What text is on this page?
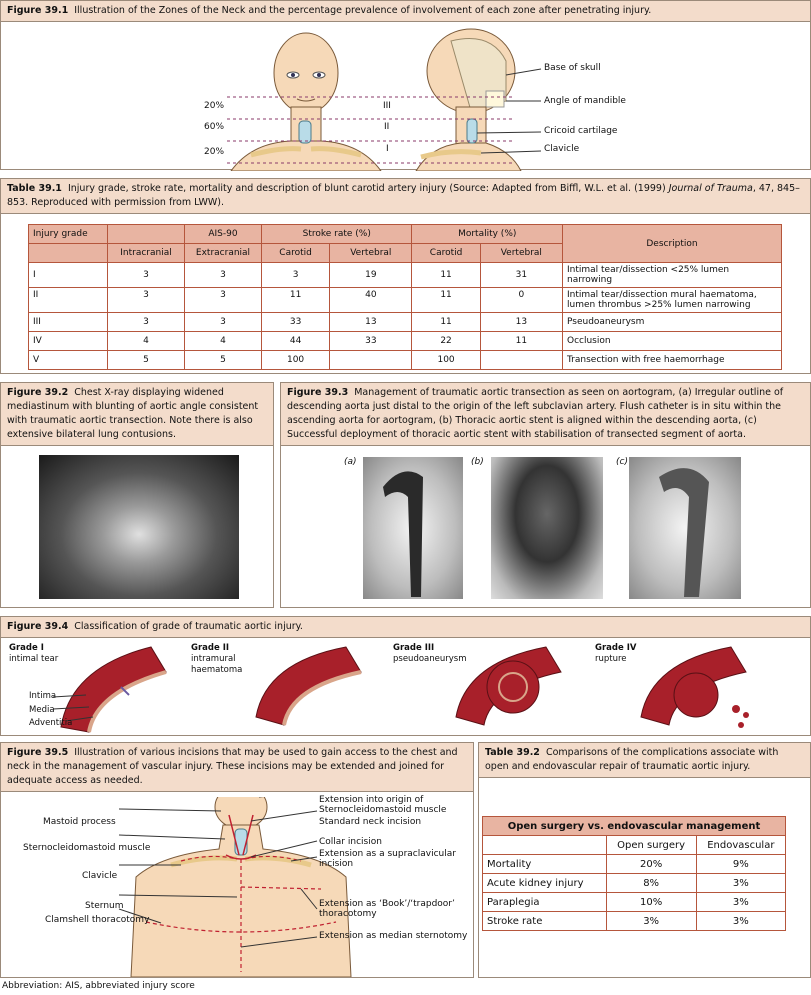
Figure 39.1 Illustration of the Zones of the Neck and the percentage prevalence of involvement of each zone after penetrating injury.
20%
60%
20%
III
II
I
Base of skull
Angle of mandible
Cricoid cartilage
Clavicle
Table 39.1 Injury grade, stroke rate, mortality and description of blunt carotid artery injury (Source: Adapted from Biffl, W.L. et al. (1999) Journal of Trauma, 47, 845–853. Reproduced with permission from LWW).
Injury grade		AIS-90	Stroke rate (%)		Mortality (%)		Description
	Intracranial	Extracranial	Carotid	Vertebral	Carotid	Vertebral	
I	3	3	3	19	11	31	Intimal tear/dissection <25% lumen narrowing
II	3	3	11	40	11	0	Intimal tear/dissection mural haematoma,
lumen thrombus >25% lumen narrowing

III	3	3	33	13	11	13	Pseudoaneurysm
IV	4	4	44	33	22	11	Occlusion
V	5	5	100		100		Transection with free haemorrhage
Figure 39.2 Chest X-ray displaying widened mediastinum with blunting of aortic angle consistent with traumatic aortic transection. Note there is also extensive bilateral lung contusions.
Figure 39.3 Management of traumatic aortic transection as seen on aortogram, (a) Irregular outline of descending aorta just distal to the origin of the left subclavian artery. Flush catheter is in situ within the ascending aorta for aortogram, (b) Thoracic aortic stent is aligned within the descending aorta, (c) Successful deployment of thoracic aortic stent with stabilisation of transected segment of aorta.
(a)	(b)	(c)
Figure 39.4 Classification of grade of traumatic aortic injury.
Grade I
intimal tear
Grade II
intramural
haematoma
Grade III
pseudoaneurysm
Grade IV
rupture
Intima
Media
Adventitia
Figure 39.5 Illustration of various incisions that may be used to gain access to the chest and neck in the management of vascular injury. These incisions may be extended and joined for adequate access as needed.
Mastoid process
Sternocleidomastoid muscle
Clavicle
Sternum
Clamshell thoracotomy
Extension into origin of
Sternocleidomastoid muscle
Standard neck incision
Collar incision
Extension as a supraclavicular
incision
Extension as ‘Book’/‘trapdoor’
thoracotomy
Extension as median sternotomy
Table 39.2 Comparisons of the complications associate with open and endovascular repair of traumatic aortic injury.
Open surgery vs. endovascular management		
	Open surgery	Endovascular
Mortality	20%	9%
Acute kidney injury	8%	3%
Paraplegia	10%	3%
Stroke rate	3%	3%
Abbreviation: AIS, abbreviated injury score
